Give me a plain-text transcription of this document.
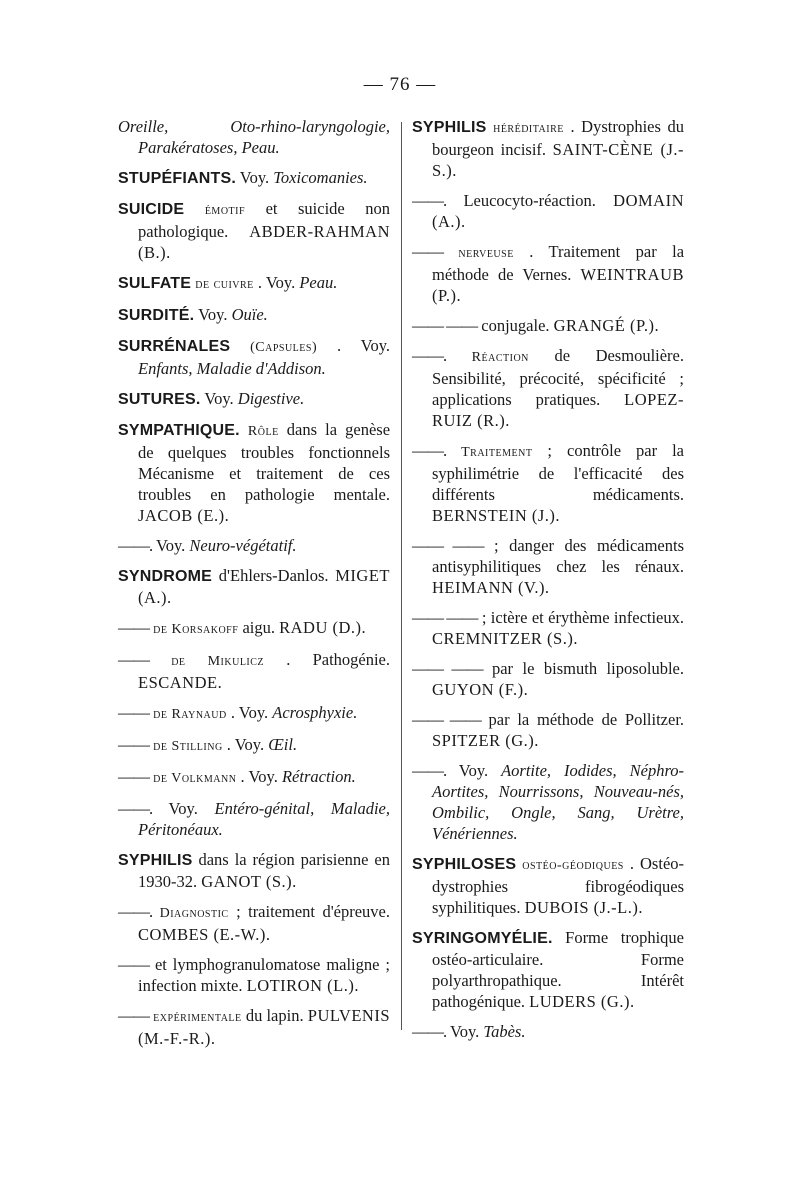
— 76 —
Oreille, Oto-rhino-laryngologie, Parakératoses, Peau.
STUPÉFIANTS. Voy. Toxicomanies.
SUICIDE émotif et suicide non pathologique. ABDER-RAHMAN (B.).
SULFATE de cuivre . Voy. Peau.
SURDITÉ. Voy. Ouïe.
SURRÉNALES (Capsules) . Voy. Enfants, Maladie d'Addison.
SUTURES. Voy. Digestive.
SYMPATHIQUE. Rôle dans la genèse de quelques troubles fonctionnels Mécanisme et traitement de ces troubles en pathologie mentale. JACOB (E.).
——. Voy. Neuro-végétatif.
SYNDROME d'Ehlers-Danlos. MIGET (A.).
—— de Korsakoff aigu. RADU (D.).
—— de Mikulicz . Pathogénie. ESCANDE.
—— de Raynaud . Voy. Acrosphyxie.
—— de Stilling . Voy. Œil.
—— de Volkmann . Voy. Rétraction.
——. Voy. Entéro-génital, Maladie, Péritonéaux.
SYPHILIS dans la région parisienne en 1930-32. GANOT (S.).
——. Diagnostic ; traitement d'épreuve. COMBES (E.-W.).
—— et lymphogranulomatose maligne ; infection mixte. LOTIRON (L.).
—— expérimentale du lapin. PULVENIS (M.-F.-R.).
SYPHILIS héréditaire . Dystrophies du bourgeon incisif. SAINT-CÈNE (J.-S.).
——. Leucocyto-réaction. DOMAIN (A.).
—— nerveuse . Traitement par la méthode de Vernes. WEINTRAUB (P.).
—— —— conjugale. GRANGÉ (P.).
——. Réaction de Desmoulière. Sensibilité, précocité, spécificité ; applications pratiques. LOPEZ-RUIZ (R.).
——. Traitement ; contrôle par la syphilimétrie de l'efficacité des différents médicaments. BERNSTEIN (J.).
—— —— ; danger des médicaments antisyphilitiques chez les rénaux. HEIMANN (V.).
—— —— ; ictère et érythème infectieux. CREMNITZER (S.).
—— —— par le bismuth liposoluble. GUYON (F.).
—— —— par la méthode de Pollitzer. SPITZER (G.).
——. Voy. Aortite, Iodides, Néphro-Aortites, Nourrissons, Nouveau-nés, Ombilic, Ongle, Sang, Urètre, Vénériennes.
SYPHILOSES ostéo-géodiques . Ostéo-dystrophies fibrogéodiques syphilitiques. DUBOIS (J.-L.).
SYRINGOMYÉLIE. Forme trophique ostéo-articulaire. Forme polyarthropathique. Intérêt pathogénique. LUDERS (G.).
——. Voy. Tabès.
